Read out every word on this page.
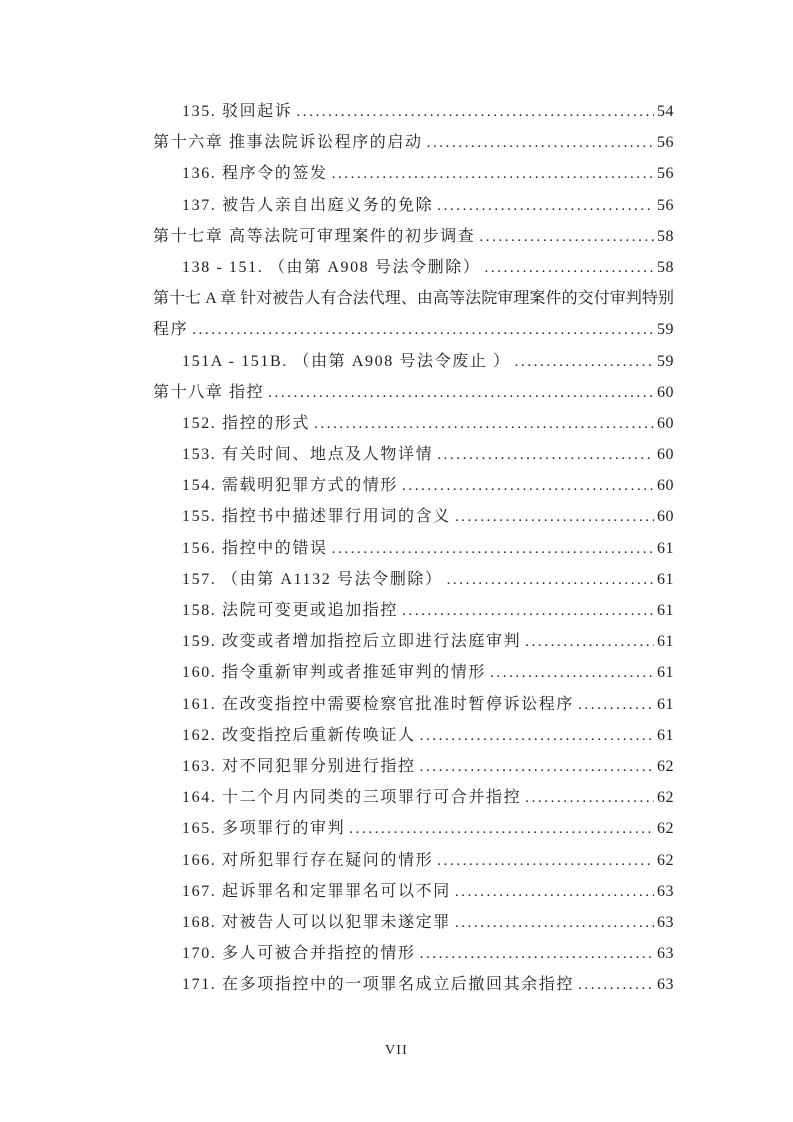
135. 驳回起诉 .....	54
第十六章 推事法院诉讼程序的启动 .....	56
136. 程序令的签发 .....	56
137. 被告人亲自出庭义务的免除 .....	56
第十七章 高等法院可审理案件的初步调查 .....	58
138 - 151. （由第 A908 号法令删除） .....	58
第十七 A 章 针对被告人有合法代理、由高等法院审理案件的交付审判特别
程序 .....	59
151A - 151B. （由第 A908 号法令废止 ） .....	59
第十八章 指控 .....	60
152. 指控的形式 .....	60
153. 有关时间、地点及人物详情 .....	60
154. 需载明犯罪方式的情形 .....	60
155. 指控书中描述罪行用词的含义 .....	60
156. 指控中的错误 .....	61
157. （由第 A1132 号法令删除） .....	61
158. 法院可变更或追加指控 .....	61
159. 改变或者增加指控后立即进行法庭审判 .....	61
160. 指令重新审判或者推延审判的情形 .....	61
161. 在改变指控中需要检察官批准时暂停诉讼程序 .....	61
162. 改变指控后重新传唤证人 .....	61
163. 对不同犯罪分别进行指控 .....	62
164. 十二个月内同类的三项罪行可合并指控 .....	62
165. 多项罪行的审判 .....	62
166. 对所犯罪行存在疑问的情形 .....	62
167. 起诉罪名和定罪罪名可以不同 .....	63
168. 对被告人可以以犯罪未遂定罪 .....	63
170. 多人可被合并指控的情形 .....	63
171. 在多项指控中的一项罪名成立后撤回其余指控 .....	63
VII
